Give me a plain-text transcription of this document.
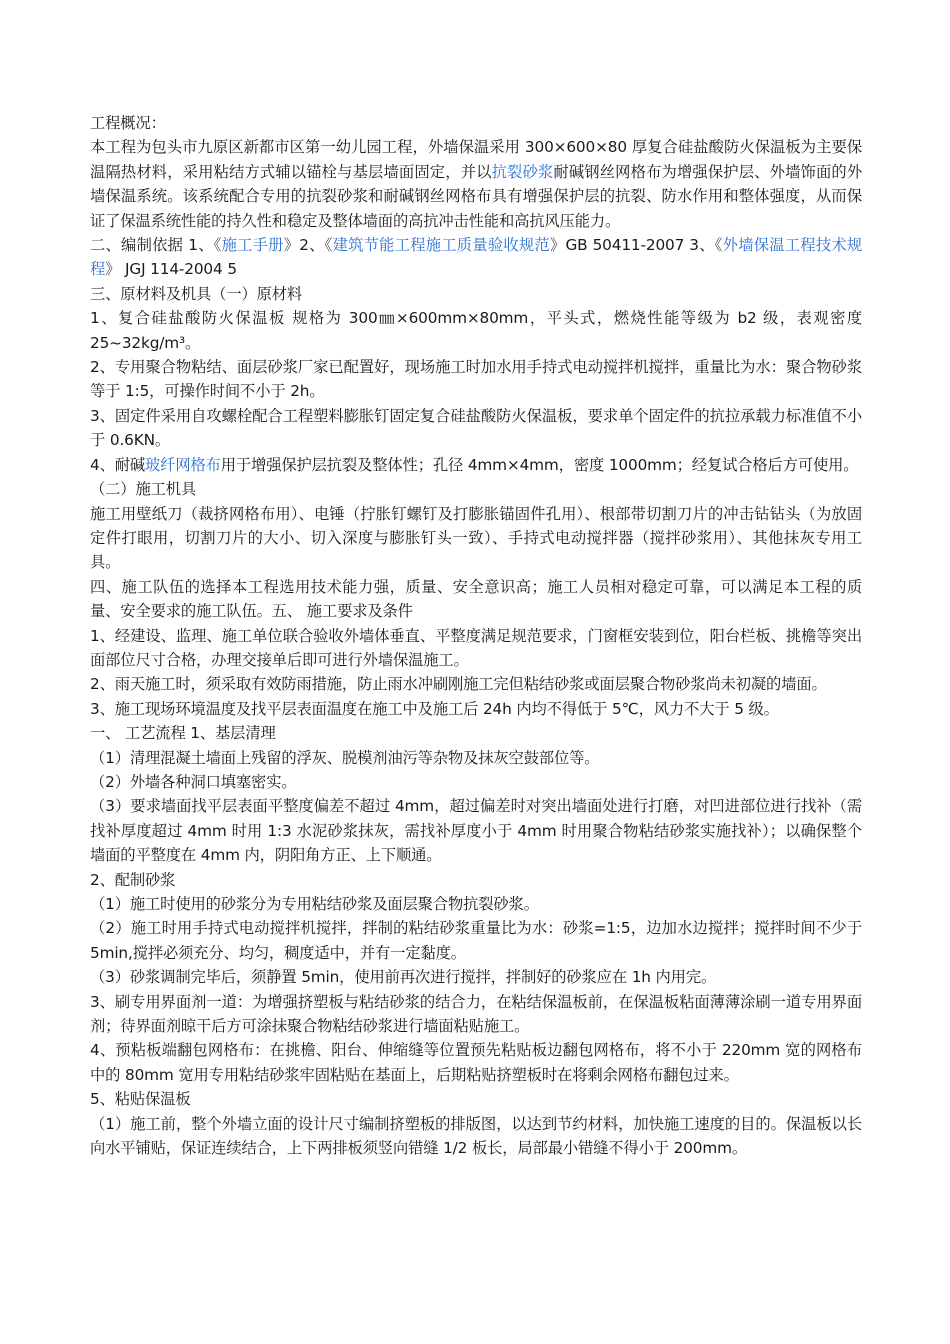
工程概况：

本工程为包头市九原区新都市区第一幼儿园工程，外墙保温采用 300×600×80 厚复合硅盐酸防火保温板为主要保温隔热材料，采用粘结方式辅以锚栓与基层墙面固定，并以抗裂砂浆耐碱钢丝网格布为增强保护层、外墙饰面的外墙保温系统。该系统配合专用的抗裂砂浆和耐碱钢丝网格布具有增强保护层的抗裂、防水作用和整体强度，从而保证了保温系统性能的持久性和稳定及整体墙面的高抗冲击性能和高抗风压能力。

二、编制依据 1、《施工手册》2、《建筑节能工程施工质量验收规范》GB 50411-2007 3、《外墙保温工程技术规程》 JGJ 114-2004 5

三、原材料及机具（一）原材料

1、复合硅盐酸防火保温板 规格为 300㎜×600mm×80mm，平头式，燃烧性能等级为 b2 级，表观密度 25~32kg/m³。

2、专用聚合物粘结、面层砂浆厂家已配置好，现场施工时加水用手持式电动搅拌机搅拌，重量比为水：聚合物砂浆等于 1:5，可操作时间不小于 2h。

3、固定件采用自攻螺栓配合工程塑料膨胀钉固定复合硅盐酸防火保温板，要求单个固定件的抗拉承载力标准值不小于 0.6KN。

4、耐碱玻纤网格布用于增强保护层抗裂及整体性；孔径 4mm×4mm，密度 1000mm；经复试合格后方可使用。

（二）施工机具

施工用壁纸刀（裁挤网格布用）、电锤（拧胀钉螺钉及打膨胀锚固件孔用）、根部带切割刀片的冲击钻钻头（为放固定件打眼用，切割刀片的大小、切入深度与膨胀钉头一致）、手持式电动搅拌器（搅拌砂浆用）、其他抹灰专用工具。

四、施工队伍的选择本工程选用技术能力强，质量、安全意识高；施工人员相对稳定可靠，可以满足本工程的质量、安全要求的施工队伍。五、 施工要求及条件

1、经建设、监理、施工单位联合验收外墙体垂直、平整度满足规范要求，门窗框安装到位，阳台栏板、挑檐等突出面部位尺寸合格，办理交接单后即可进行外墙保温施工。

2、雨天施工时，须采取有效防雨措施，防止雨水冲刷刚施工完但粘结砂浆或面层聚合物砂浆尚未初凝的墙面。

3、施工现场环境温度及找平层表面温度在施工中及施工后 24h 内均不得低于 5℃，风力不大于 5 级。

一、 工艺流程 1、基层清理

（1）清理混凝土墙面上残留的浮灰、脱模剂油污等杂物及抹灰空鼓部位等。

（2）外墙各种洞口填塞密实。

（3）要求墙面找平层表面平整度偏差不超过 4mm，超过偏差时对突出墙面处进行打磨，对凹进部位进行找补（需找补厚度超过 4mm 时用 1:3 水泥砂浆抹灰，需找补厚度小于 4mm 时用聚合物粘结砂浆实施找补）；以确保整个墙面的平整度在 4mm 内，阴阳角方正、上下顺通。

2、配制砂浆

（1）施工时使用的砂浆分为专用粘结砂浆及面层聚合物抗裂砂浆。

（2）施工时用手持式电动搅拌机搅拌，拌制的粘结砂浆重量比为水：砂浆=1:5，边加水边搅拌；搅拌时间不少于 5min,搅拌必须充分、均匀，稠度适中，并有一定黏度。

（3）砂浆调制完毕后，须静置 5min，使用前再次进行搅拌，拌制好的砂浆应在 1h 内用完。

3、刷专用界面剂一道：为增强挤塑板与粘结砂浆的结合力，在粘结保温板前，在保温板粘面薄薄涂刷一道专用界面剂；待界面剂晾干后方可涂抹聚合物粘结砂浆进行墙面粘贴施工。

4、预粘板端翻包网格布：在挑檐、阳台、伸缩缝等位置预先粘贴板边翻包网格布，将不小于 220mm 宽的网格布中的 80mm 宽用专用粘结砂浆牢固粘贴在基面上，后期粘贴挤塑板时在将剩余网格布翻包过来。

5、粘贴保温板

（1）施工前，整个外墙立面的设计尺寸编制挤塑板的排版图，以达到节约材料，加快施工速度的目的。保温板以长向水平铺贴，保证连续结合，上下两排板须竖向错缝 1/2 板长，局部最小错缝不得小于 200mm。
